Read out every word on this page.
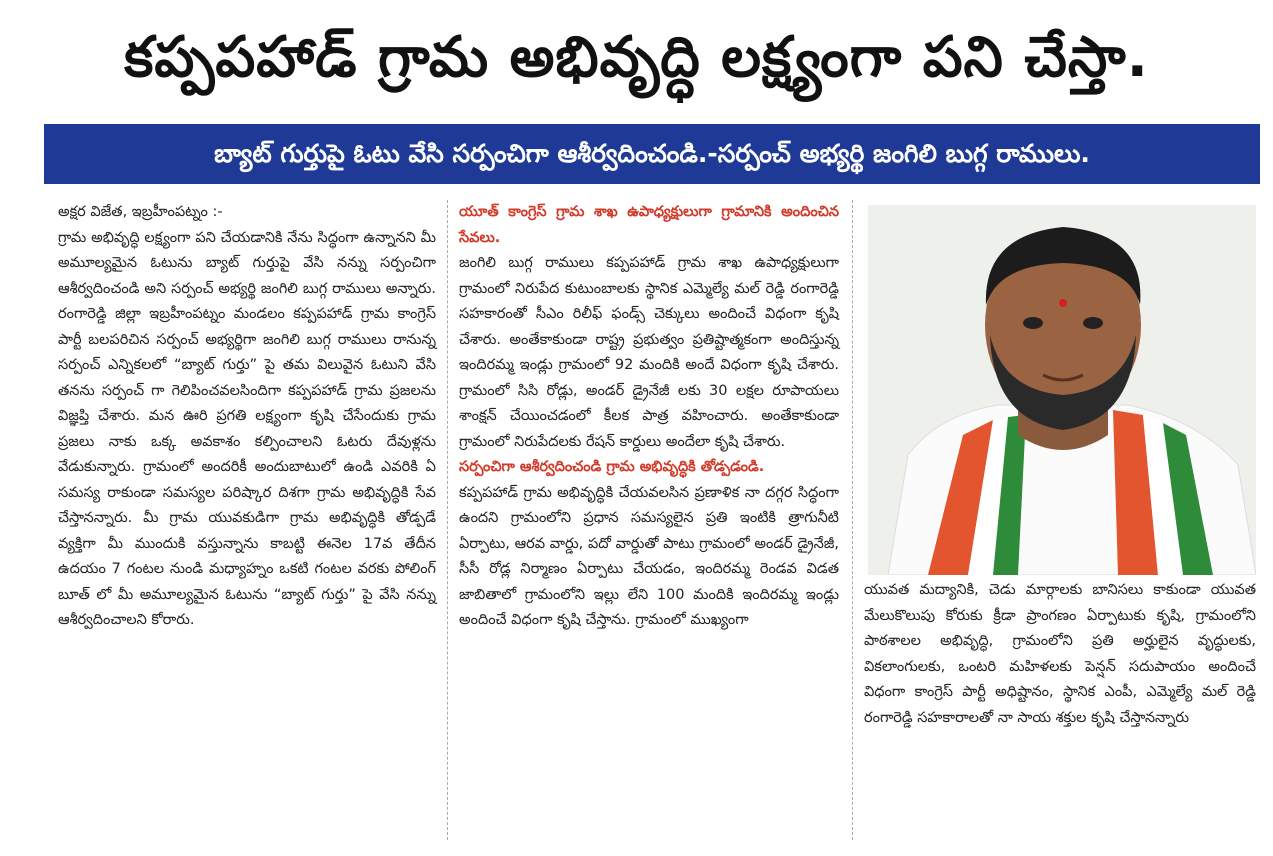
కప్పపహాడ్ గ్రామ అభివృద్ధి లక్ష్యంగా పని చేస్తా.
బ్యాట్ గుర్తుపై ఓటు వేసి సర్పంచిగా ఆశీర్వదించండి.-సర్పంచ్ అభ్యర్థి జంగిలి బుగ్గ రాములు.

అక్షర విజేత, ఇబ్రహీంపట్నం :-

గ్రామ అభివృద్ధి లక్ష్యంగా పని చేయడానికి నేను సిద్ధంగా ఉన్నానని మీ అమూల్యమైన ఓటును బ్యాట్ గుర్తుపై వేసి నన్ను సర్పంచిగా ఆశీర్వదించండి అని సర్పంచ్ అభ్యర్థి జంగిలి బుగ్గ రాములు అన్నారు. రంగారెడ్డి జిల్లా ఇబ్రహీంపట్నం మండలం కప్పపహాడ్ గ్రామ కాంగ్రెస్ పార్టీ బలపరిచిన సర్పంచ్ అభ్యర్థిగా జంగిలి బుగ్గ రాములు రానున్న సర్పంచ్ ఎన్నికలలో “బ్యాట్ గుర్తు” పై తమ విలువైన ఓటుని వేసి తనను సర్పంచ్ గా గెలిపించవలసిందిగా కప్పపహాడ్ గ్రామ ప్రజలను విజ్ఞప్తి చేశారు. మన ఊరి ప్రగతి లక్ష్యంగా కృషి చేసేందుకు గ్రామ ప్రజలు నాకు ఒక్క అవకాశం కల్పించాలని ఓటరు దేవుళ్లను వేడుకున్నారు. గ్రామంలో అందరికీ అందుబాటులో ఉండి ఎవరికి ఏ సమస్య రాకుండా సమస్యల పరిష్కార దిశగా గ్రామ అభివృద్ధికి సేవ చేస్తానన్నారు. మీ గ్రామ యువకుడిగా గ్రామ అభివృద్ధికి తోడ్పడే వ్యక్తిగా మీ ముందుకి వస్తున్నాను కాబట్టి ఈనెల 17వ తేదీన ఉదయం 7 గంటల నుండి మధ్యాహ్నం ఒకటి గంటల వరకు పోలింగ్ బూత్ లో మీ అమూల్యమైన ఓటును “బ్యాట్ గుర్తు” పై వేసి నన్ను ఆశీర్వదించాలని కోరారు.

యూత్ కాంగ్రెస్ గ్రామ శాఖ ఉపాధ్యక్షులుగా గ్రామానికి అందించిన సేవలు.

జంగిలి బుగ్గ రాములు కప్పపహాడ్ గ్రామ శాఖ ఉపాధ్యక్షులుగా గ్రామంలో నిరుపేద కుటుంబాలకు స్థానిక ఎమ్మెల్యే మల్ రెడ్డి రంగారెడ్డి సహకారంతో సీఎం రిలీఫ్ ఫండ్స్ చెక్కులు అందించే విధంగా కృషి చేశారు. అంతేకాకుండా రాష్ట్ర ప్రభుత్వం ప్రతిష్టాత్మకంగా అందిస్తున్న ఇందిరమ్మ ఇండ్లు గ్రామంలో 92 మందికి అందే విధంగా కృషి చేశారు. గ్రామంలో సిసి రోడ్లు, అండర్ డ్రైనేజీ లకు 30 లక్షల రూపాయలు శాంక్షన్ చేయించడంలో కీలక పాత్ర వహించారు. అంతేకాకుండా గ్రామంలో నిరుపేదలకు రేషన్ కార్డులు అందేలా కృషి చేశారు.

సర్పంచిగా ఆశీర్వదించండి గ్రామ అభివృద్ధికి తోడ్పడండి.

కప్పపహాడ్ గ్రామ అభివృద్ధికి చేయవలసిన ప్రణాళిక నా దగ్గర సిద్ధంగా ఉందని గ్రామంలోని ప్రధాన సమస్యలైన ప్రతి ఇంటికి త్రాగునీటి ఏర్పాటు, ఆరవ వార్డు, పదో వార్డుతో పాటు గ్రామంలో అండర్ డ్రైనేజీ, సీసీ రోడ్ల నిర్మాణం ఏర్పాటు చేయడం, ఇందిరమ్మ రెండవ విడత జాబితాలో గ్రామంలోని ఇల్లు లేని 100 మందికి ఇందిరమ్మ ఇండ్లు అందించే విధంగా కృషి చేస్తాను. గ్రామంలో ముఖ్యంగా

యువత మద్యానికి, చెడు మార్గాలకు బానిసలు కాకుండా యువత మేలుకొలుపు కోరుకు క్రీడా ప్రాంగణం ఏర్పాటుకు కృషి, గ్రామంలోని పాఠశాలల అభివృద్ధి, గ్రామంలోని ప్రతి అర్హులైన వృద్ధులకు, వికలాంగులకు, ఒంటరి మహిళలకు పెన్షన్ సదుపాయం అందించే విధంగా కాంగ్రెస్ పార్టీ అధిష్టానం, స్థానిక ఎంపీ, ఎమ్మెల్యే మల్ రెడ్డి రంగారెడ్డి సహకారాలతో నా సాయ శక్తుల కృషి చేస్తానన్నారు
